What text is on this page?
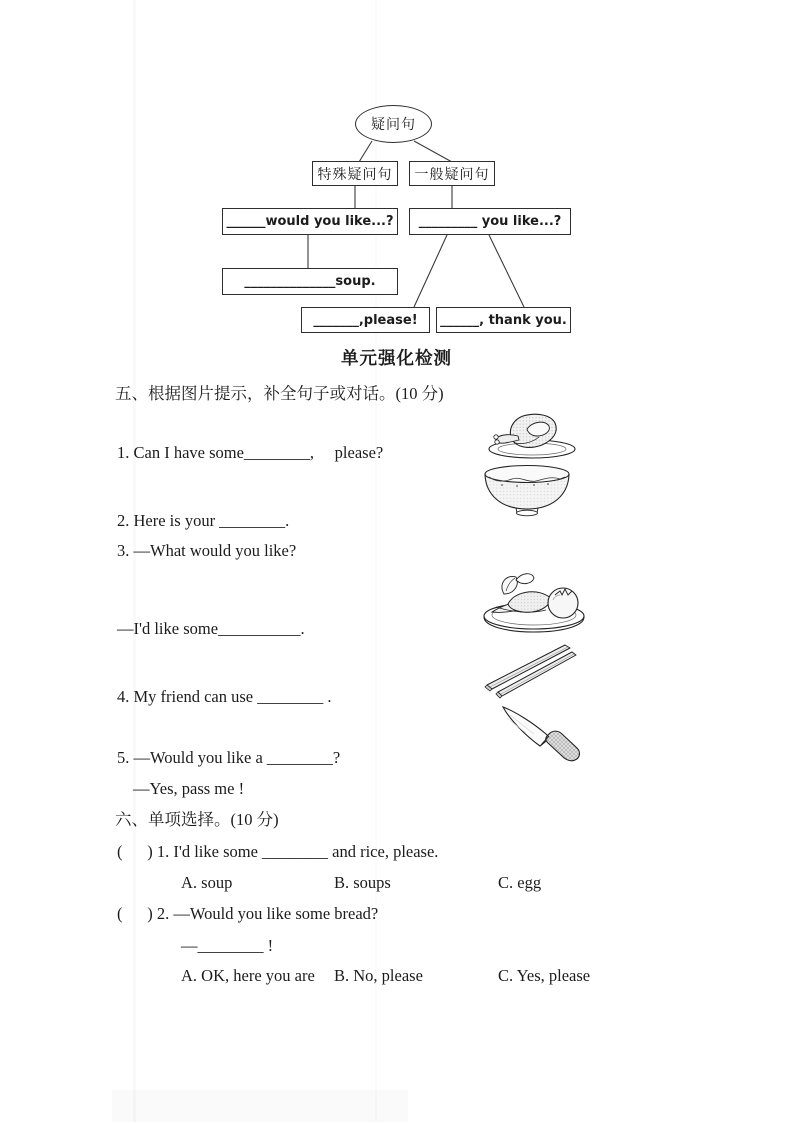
疑问句
特殊疑问句 一般疑问句
______would you like...? _________ you like...?
______________soup.
_______,please! ______, thank you.
单元强化检测
五、根据图片提示，补全句子或对话。(10 分)
1. Can I have some________,     please?
2. Here is your ________.
3. —What would you like?
—I'd like some__________.
4. My friend can use ________ .
5. —Would you like a ________?
—Yes, pass me !
六、单项选择。(10 分)
(      ) 1. I'd like some ________ and rice, please.
A. soup	B. soups	C. egg
(      ) 2. —Would you like some bread?
—________ !
A. OK, here you are B. No, please	C. Yes, please
